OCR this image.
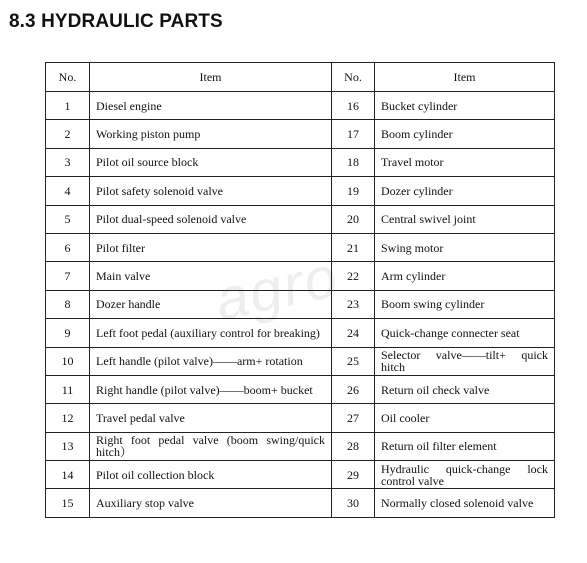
8.3 HYDRAULIC PARTS
agro
No.	Item	No.	Item
1	Diesel engine	16	Bucket cylinder
2	Working piston pump	17	Boom cylinder
3	Pilot oil source block	18	Travel motor
4	Pilot safety solenoid valve	19	Dozer cylinder
5	Pilot dual-speed solenoid valve	20	Central swivel joint
6	Pilot filter	21	Swing motor
7	Main valve	22	Arm cylinder
8	Dozer handle	23	Boom swing cylinder
9	Left foot pedal (auxiliary control for breaking)	24	Quick-change connecter seat
10	Left handle (pilot valve)——arm+ rotation	25	Selector valve——tilt+ quick hitch
11	Right handle (pilot valve)——boom+ bucket	26	Return oil check valve
12	Travel pedal valve	27	Oil cooler
13	Right foot pedal valve (boom swing/quick hitch）	28	Return oil filter element
14	Pilot oil collection block	29	Hydraulic quick-change lock control valve
15	Auxiliary stop valve	30	Normally closed solenoid valve
